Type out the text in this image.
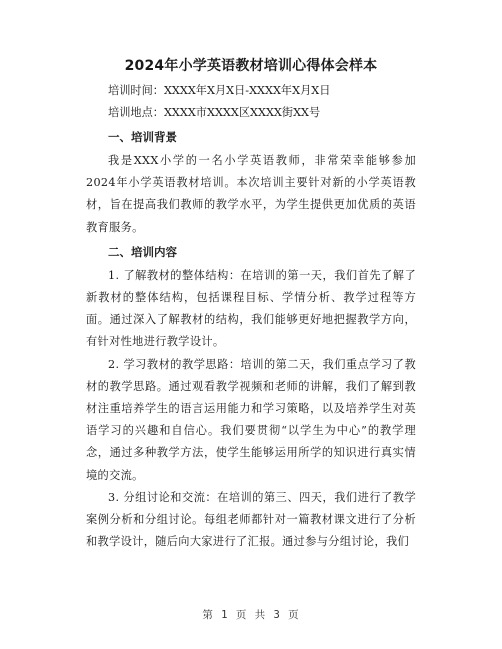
2024年小学英语教材培训心得体会样本

培训时间：XXXX年X月X日-XXXX年X月X日

培训地点：XXXX市XXXX区XXXX街XX号

一、培训背景

我是XXX小学的一名小学英语教师，非常荣幸能够参加2024年小学英语教材培训。本次培训主要针对新的小学英语教材，旨在提高我们教师的教学水平，为学生提供更加优质的英语教育服务。

二、培训内容

1. 了解教材的整体结构：在培训的第一天，我们首先了解了新教材的整体结构，包括课程目标、学情分析、教学过程等方面。通过深入了解教材的结构，我们能够更好地把握教学方向，有针对性地进行教学设计。

2. 学习教材的教学思路：培训的第二天，我们重点学习了教材的教学思路。通过观看教学视频和老师的讲解，我们了解到教材注重培养学生的语言运用能力和学习策略，以及培养学生对英语学习的兴趣和自信心。我们要贯彻“以学生为中心”的教学理念，通过多种教学方法，使学生能够运用所学的知识进行真实情境的交流。

3. 分组讨论和交流：在培训的第三、四天，我们进行了教学案例分析和分组讨论。每组老师都针对一篇教材课文进行了分析和教学设计，随后向大家进行了汇报。通过参与分组讨论，我们

第 1 页 共 3 页
